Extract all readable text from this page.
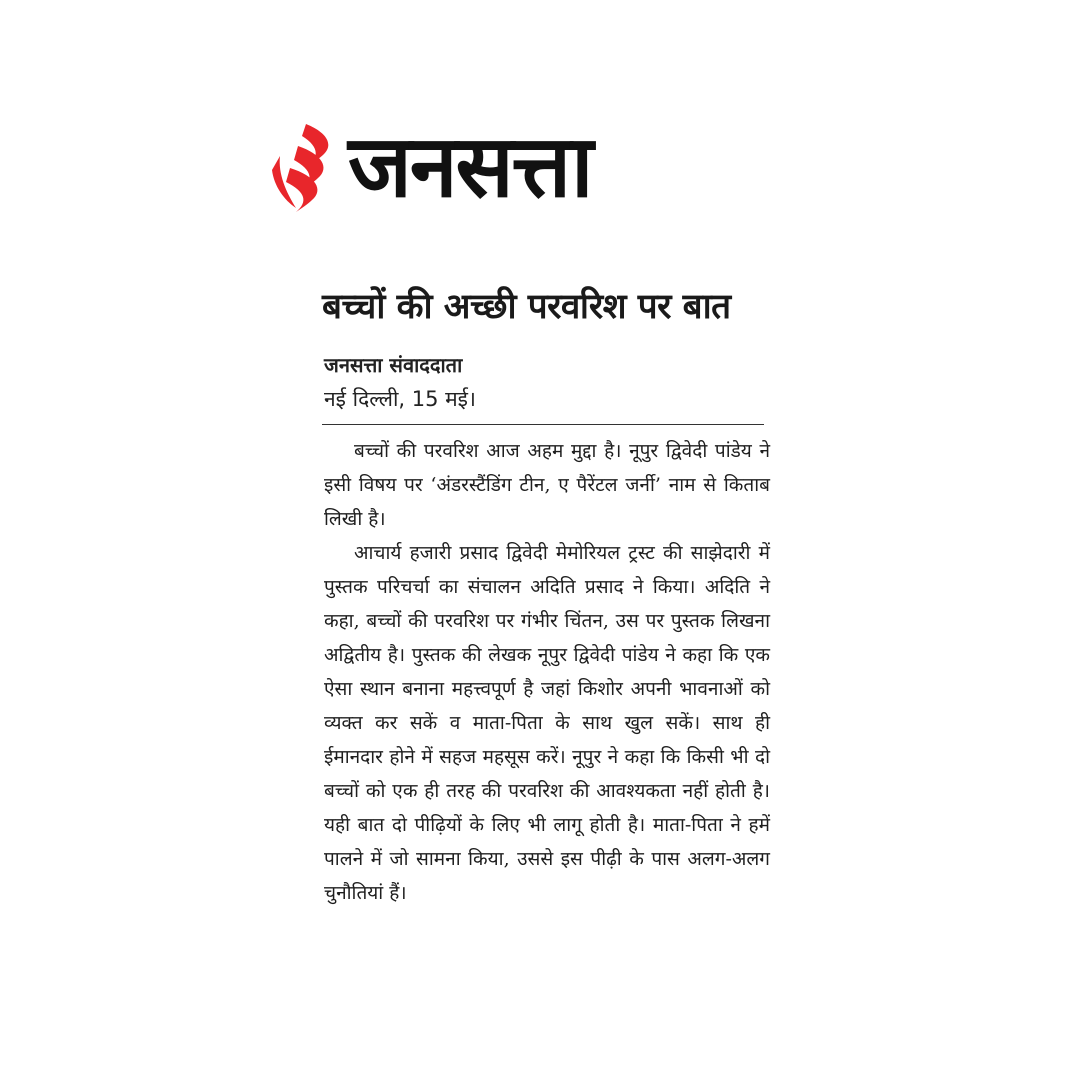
जनसत्ता
बच्चों की अच्छी परवरिश पर बात
जनसत्ता संवाददाता
नई दिल्ली, 15 मई।

बच्चों की परवरिश आज अहम मुद्दा है। नूपुर द्विवेदी पांडेय ने इसी विषय पर ‘अंडरस्टैंडिंग टीन, ए पैरेंटल जर्नी’ नाम से किताब लिखी है।

आचार्य हजारी प्रसाद द्विवेदी मेमोरियल ट्रस्ट की साझेदारी में पुस्तक परिचर्चा का संचालन अदिति प्रसाद ने किया। अदिति ने कहा, बच्चों की परवरिश पर गंभीर चिंतन, उस पर पुस्तक लिखना अद्वितीय है। पुस्तक की लेखक नूपुर द्विवेदी पांडेय ने कहा कि एक ऐसा स्थान बनाना महत्त्वपूर्ण है जहां किशोर अपनी भावनाओं को व्यक्त कर सकें व माता-पिता के साथ खुल सकें। साथ ही ईमानदार होने में सहज महसूस करें। नूपुर ने कहा कि किसी भी दो बच्चों को एक ही तरह की परवरिश की आवश्यकता नहीं होती है। यही बात दो पीढ़ियों के लिए भी लागू होती है। माता-पिता ने हमें पालने में जो सामना किया, उससे इस पीढ़ी के पास अलग-अलग चुनौतियां हैं।
